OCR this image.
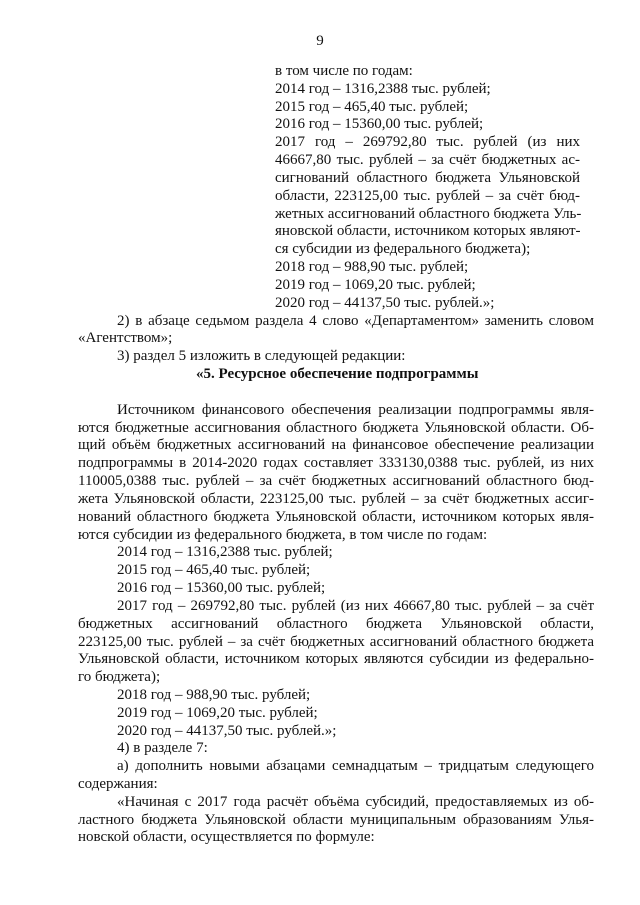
9
в том числе по годам:
2014 год – 1316,2388 тыс. рублей;
2015 год – 465,40 тыс. рублей;
2016 год – 15360,00 тыс. рублей;
2017 год – 269792,80 тыс. рублей (из них
46667,80 тыс. рублей – за счёт бюджетных ас-
сигнований областного бюджета Ульяновской
области, 223125,00 тыс. рублей – за счёт бюд-
жетных ассигнований областного бюджета Уль-
яновской области, источником которых являют-
ся субсидии из федерального бюджета);
2018 год – 988,90 тыс. рублей;
2019 год – 1069,20 тыс. рублей;
2020 год – 44137,50 тыс. рублей.»;
2) в абзаце седьмом раздела 4 слово «Департаментом» заменить словом
«Агентством»;
3) раздел 5 изложить в следующей редакции:
«5. Ресурсное обеспечение подпрограммы
Источником финансового обеспечения реализации подпрограммы явля-
ются бюджетные ассигнования областного бюджета Ульяновской области. Об-
щий объём бюджетных ассигнований на финансовое обеспечение реализации
подпрограммы в 2014-2020 годах составляет 333130,0388 тыс. рублей, из них
110005,0388 тыс. рублей – за счёт бюджетных ассигнований областного бюд-
жета Ульяновской области, 223125,00 тыс. рублей – за счёт бюджетных ассиг-
нований областного бюджета Ульяновской области, источником которых явля-
ются субсидии из федерального бюджета, в том числе по годам:
2014 год – 1316,2388 тыс. рублей;
2015 год – 465,40 тыс. рублей;
2016 год – 15360,00 тыс. рублей;
2017 год – 269792,80 тыс. рублей (из них 46667,80 тыс. рублей – за счёт
бюджетных ассигнований областного бюджета Ульяновской области,
223125,00 тыс. рублей – за счёт бюджетных ассигнований областного бюджета
Ульяновской области, источником которых являются субсидии из федерально-
го бюджета);
2018 год – 988,90 тыс. рублей;
2019 год – 1069,20 тыс. рублей;
2020 год – 44137,50 тыс. рублей.»;
4) в разделе 7:
а) дополнить новыми абзацами семнадцатым – тридцатым следующего
содержания:
«Начиная с 2017 года расчёт объёма субсидий, предоставляемых из об-
ластного бюджета Ульяновской области муниципальным образованиям Улья-
новской области, осуществляется по формуле:
